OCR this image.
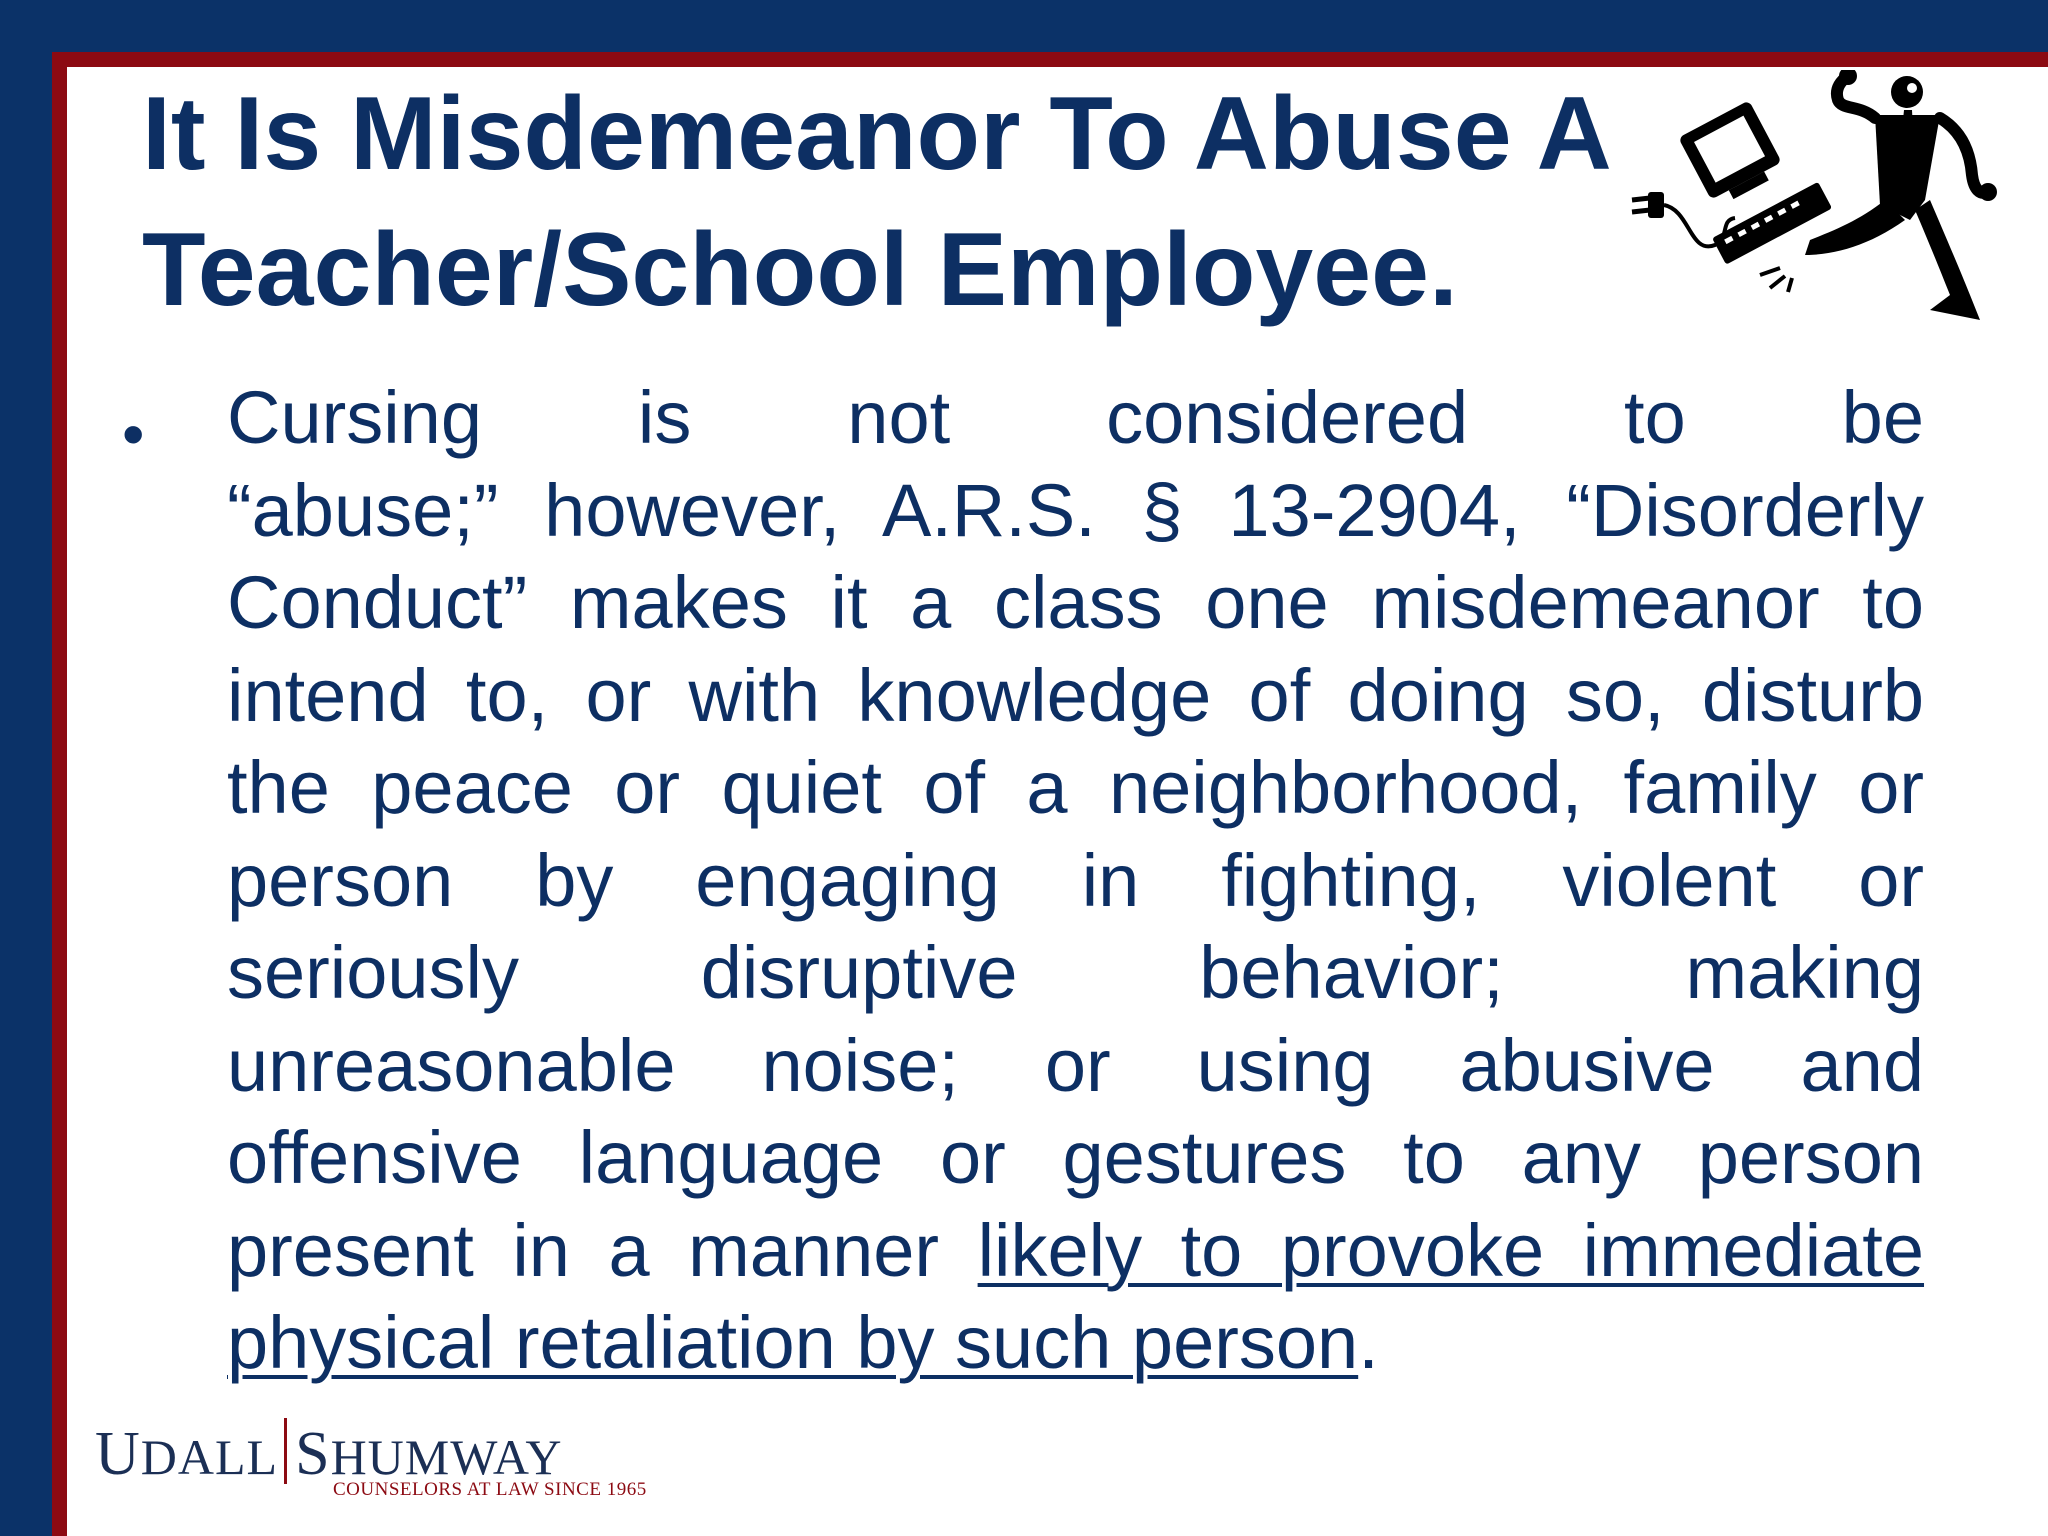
It Is Misdemeanor To Abuse A
Teacher/School Employee.
• Cursing is not considered to be
“abuse;” however, A.R.S. § 13-2904, “Disorderly
Conduct” makes it a class one misdemeanor to
intend to, or with knowledge of doing so, disturb
the peace or quiet of a neighborhood, family or
person by engaging in fighting, violent or
seriously disruptive behavior; making
unreasonable noise; or using abusive and
offensive language or gestures to any person
present in a manner likely to provoke immediate
physical retaliation by such person.
UDALL SHUMWAY
COUNSELORS AT LAW SINCE 1965
